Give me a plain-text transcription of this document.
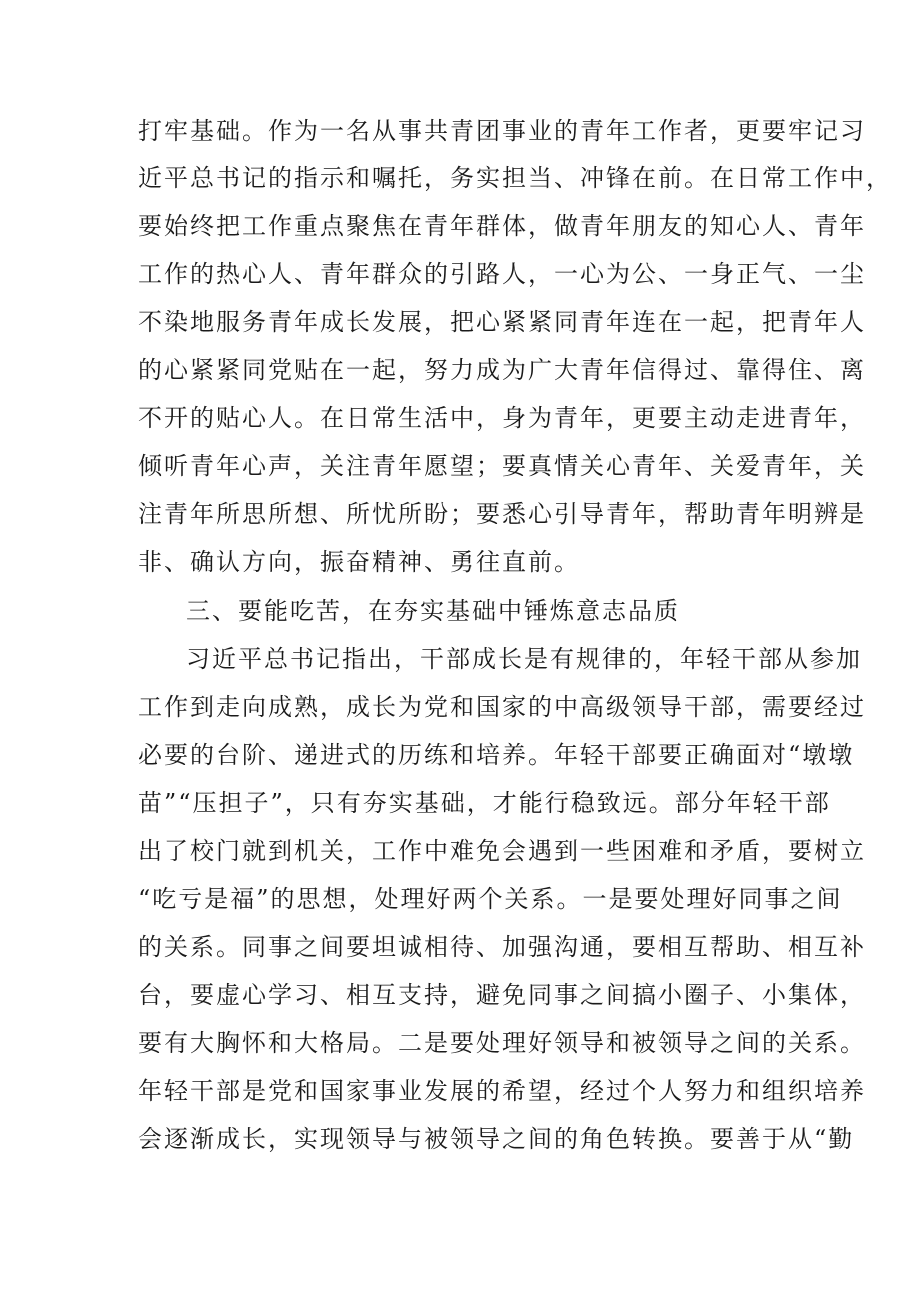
打牢基础。作为一名从事共青团事业的青年工作者，更要牢记习
近平总书记的指示和嘱托，务实担当、冲锋在前。在日常工作中，
要始终把工作重点聚焦在青年群体，做青年朋友的知心人、青年
工作的热心人、青年群众的引路人，一心为公、一身正气、一尘
不染地服务青年成长发展，把心紧紧同青年连在一起，把青年人
的心紧紧同党贴在一起，努力成为广大青年信得过、靠得住、离
不开的贴心人。在日常生活中，身为青年，更要主动走进青年，
倾听青年心声，关注青年愿望；要真情关心青年、关爱青年，关
注青年所思所想、所忧所盼；要悉心引导青年，帮助青年明辨是
非、确认方向，振奋精神、勇往直前。
三、要能吃苦，在夯实基础中锤炼意志品质
习近平总书记指出，干部成长是有规律的，年轻干部从参加
工作到走向成熟，成长为党和国家的中高级领导干部，需要经过
必要的台阶、递进式的历练和培养。年轻干部要正确面对“墩墩
苗”“压担子”，只有夯实基础，才能行稳致远。部分年轻干部
出了校门就到机关，工作中难免会遇到一些困难和矛盾，要树立
“吃亏是福”的思想，处理好两个关系。一是要处理好同事之间
的关系。同事之间要坦诚相待、加强沟通，要相互帮助、相互补
台，要虚心学习、相互支持，避免同事之间搞小圈子、小集体，
要有大胸怀和大格局。二是要处理好领导和被领导之间的关系。
年轻干部是党和国家事业发展的希望，经过个人努力和组织培养
会逐渐成长，实现领导与被领导之间的角色转换。要善于从“勤
